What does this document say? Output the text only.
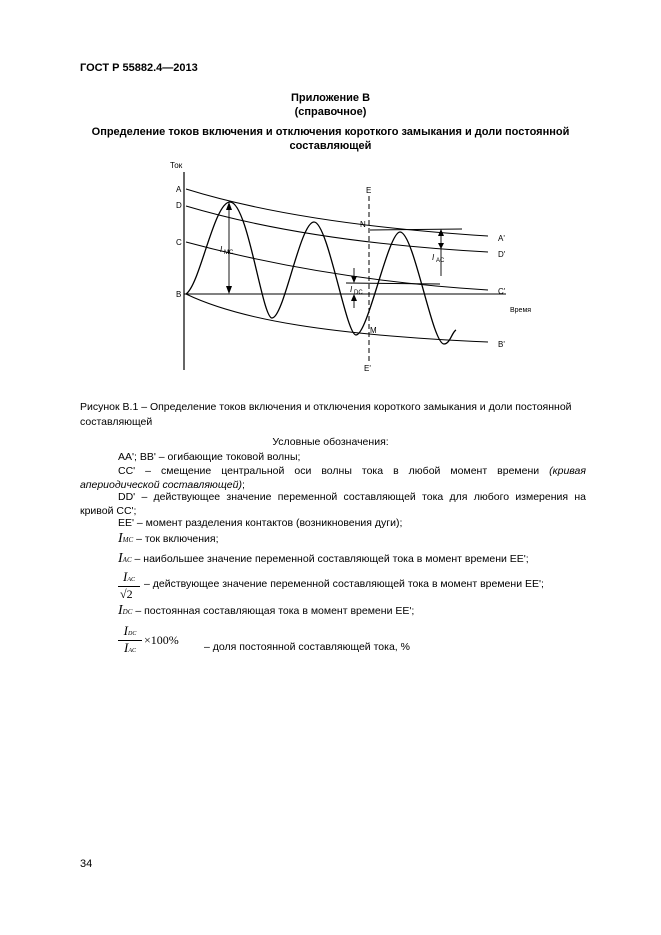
ГОСТ Р 55882.4—2013
Приложение В
(справочное)
Определение токов включения и отключения короткого замыкания и доли постоянной
составляющей
Ток
Время
A
D
C
B
A'
D'
C'
B'
E
E'
N
M
I MC	I AC
I DC
Рисунок В.1 – Определение токов включения и отключения короткого замыкания и доли постоянной
составляющей
Условные обозначения:
АА'; ВВ' – огибающие токовой волны;
СС' – смещение центральной оси волны тока в любой момент времени (кривая
апериодической составляющей);
DD' – действующее значение переменной составляющей тока для любого измерения на
кривой СС';
EE' – момент разделения контактов (возникновения дуги);
IMC – ток включения;
IAC – наибольшее значение переменной составляющей тока в момент времени EE';
IAC
√2
– действующее значение переменной составляющей тока в момент времени EE';
IDC – постоянная составляющая тока в момент времени EE';
IDC
IAC
×100% – доля постоянной составляющей тока, %
34
